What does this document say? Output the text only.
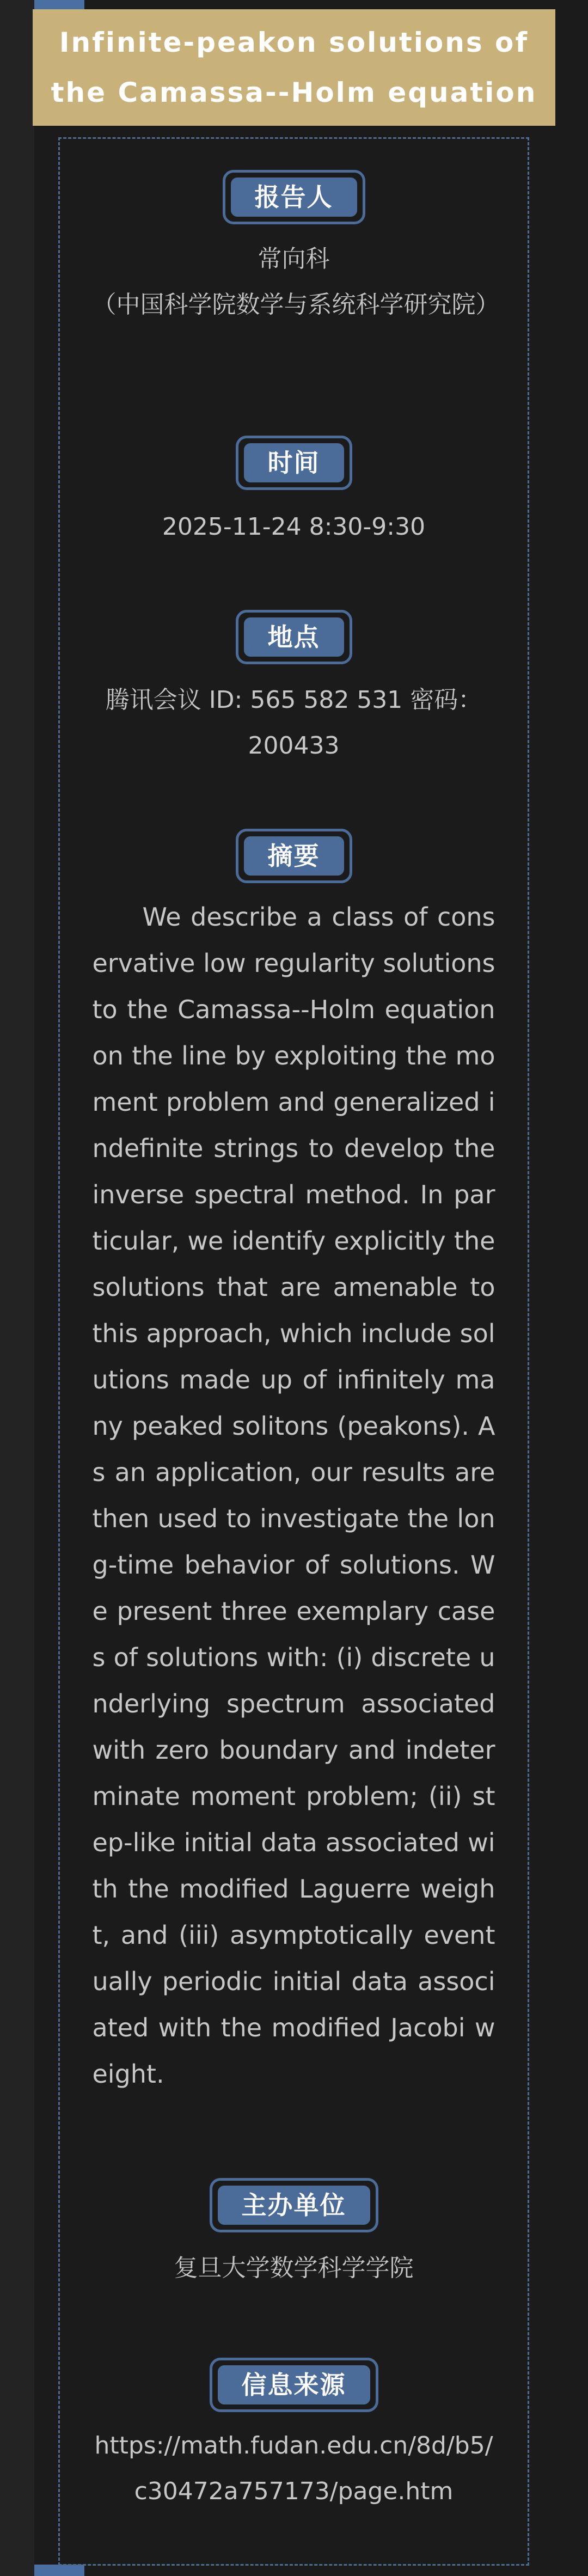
Infinite-peakon solutions of the Camassa--Holm equation
报告人
常向科
（中国科学院数学与系统科学研究院）
时间
2025-11-24 8:30-9:30
地点
腾讯会议 ID: 565 582 531 密码：200433
摘要
We describe a class of conservative low regularity solutions to the Camassa--Holm equation on the line by exploiting the moment problem and generalized indefinite strings to develop the inverse spectral method. In particular, we identify explicitly the solutions that are amenable to this approach, which include solutions made up of infinitely many peaked solitons (peakons). As an application, our results are then used to investigate the long-time behavior of solutions. We present three exemplary cases of solutions with: (i) discrete underlying spectrum associated with zero boundary and indeterminate moment problem; (ii) step-like initial data associated with the modified Laguerre weight, and (iii) asymptotically eventually periodic initial data associated with the modified Jacobi weight.
主办单位
复旦大学数学科学学院
信息来源
https://math.fudan.edu.cn/8d/b5/c30472a757173/page.htm
